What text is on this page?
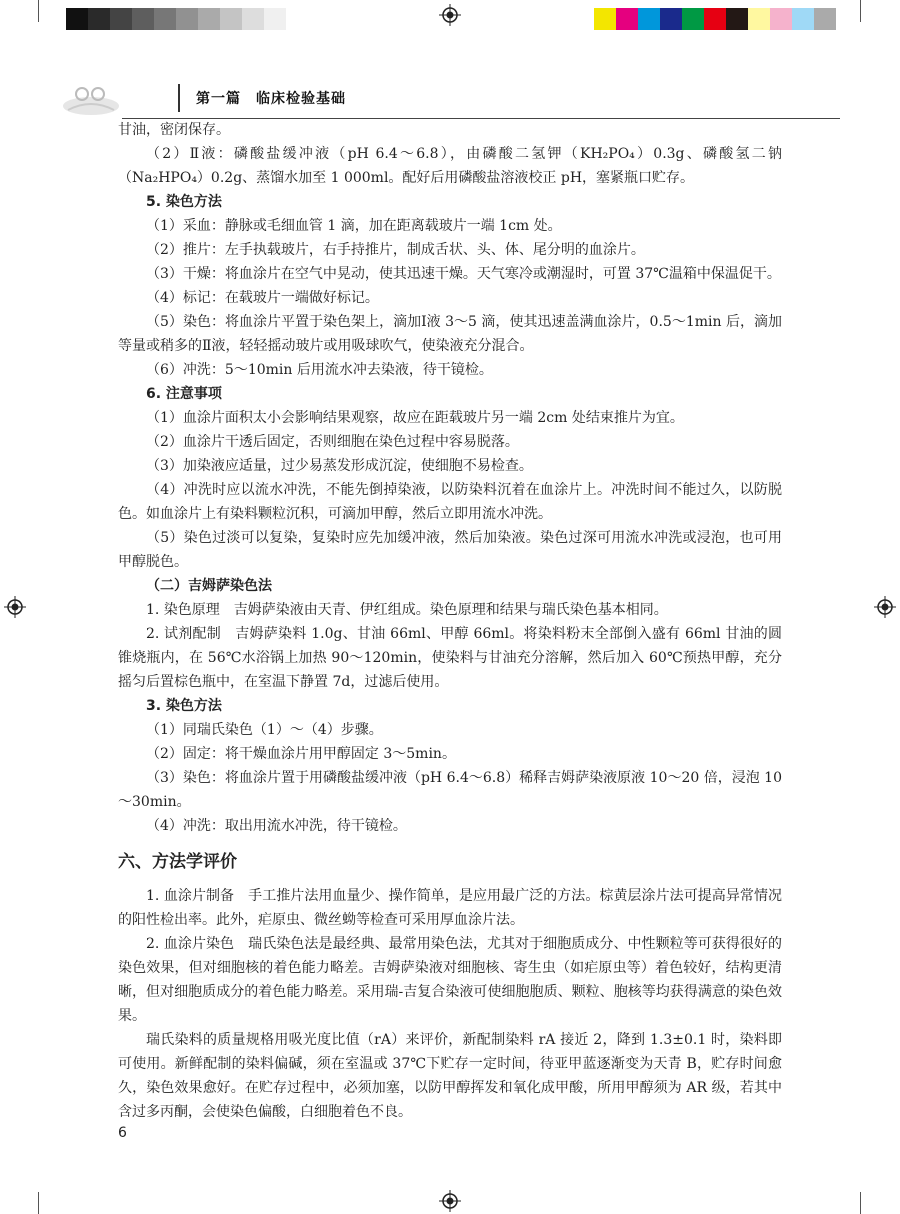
第一篇　临床检验基础

甘油，密闭保存。

（2）Ⅱ液：磷酸盐缓冲液（pH 6.4～6.8），由磷酸二氢钾（KH₂PO₄）0.3g、磷酸氢二钠（Na₂HPO₄）0.2g、蒸馏水加至 1 000ml。配好后用磷酸盐溶液校正 pH，塞紧瓶口贮存。

5. 染色方法

（1）采血：静脉或毛细血管 1 滴，加在距离载玻片一端 1cm 处。

（2）推片：左手执载玻片，右手持推片，制成舌状、头、体、尾分明的血涂片。

（3）干燥：将血涂片在空气中晃动，使其迅速干燥。天气寒冷或潮湿时，可置 37℃温箱中保温促干。

（4）标记：在载玻片一端做好标记。

（5）染色：将血涂片平置于染色架上，滴加Ⅰ液 3～5 滴，使其迅速盖满血涂片，0.5～1min 后，滴加等量或稍多的Ⅱ液，轻轻摇动玻片或用吸球吹气，使染液充分混合。

（6）冲洗：5～10min 后用流水冲去染液，待干镜检。

6. 注意事项

（1）血涂片面积太小会影响结果观察，故应在距载玻片另一端 2cm 处结束推片为宜。

（2）血涂片干透后固定，否则细胞在染色过程中容易脱落。

（3）加染液应适量，过少易蒸发形成沉淀，使细胞不易检查。

（4）冲洗时应以流水冲洗，不能先倒掉染液，以防染料沉着在血涂片上。冲洗时间不能过久，以防脱色。如血涂片上有染料颗粒沉积，可滴加甲醇，然后立即用流水冲洗。

（5）染色过淡可以复染，复染时应先加缓冲液，然后加染液。染色过深可用流水冲洗或浸泡，也可用甲醇脱色。

（二）吉姆萨染色法

1. 染色原理　吉姆萨染液由天青、伊红组成。染色原理和结果与瑞氏染色基本相同。

2. 试剂配制　吉姆萨染料 1.0g、甘油 66ml、甲醇 66ml。将染料粉末全部倒入盛有 66ml 甘油的圆锥烧瓶内，在 56℃水浴锅上加热 90～120min，使染料与甘油充分溶解，然后加入 60℃预热甲醇，充分摇匀后置棕色瓶中，在室温下静置 7d，过滤后使用。

3. 染色方法

（1）同瑞氏染色（1）～（4）步骤。

（2）固定：将干燥血涂片用甲醇固定 3～5min。

（3）染色：将血涂片置于用磷酸盐缓冲液（pH 6.4～6.8）稀释吉姆萨染液原液 10～20 倍，浸泡 10～30min。

（4）冲洗：取出用流水冲洗，待干镜检。

六、方法学评价

1. 血涂片制备　手工推片法用血量少、操作简单，是应用最广泛的方法。棕黄层涂片法可提高异常情况的阳性检出率。此外，疟原虫、微丝蚴等检查可采用厚血涂片法。

2. 血涂片染色　瑞氏染色法是最经典、最常用染色法，尤其对于细胞质成分、中性颗粒等可获得很好的染色效果，但对细胞核的着色能力略差。吉姆萨染液对细胞核、寄生虫（如疟原虫等）着色较好，结构更清晰，但对细胞质成分的着色能力略差。采用瑞-吉复合染液可使细胞胞质、颗粒、胞核等均获得满意的染色效果。

瑞氏染料的质量规格用吸光度比值（rA）来评价，新配制染料 rA 接近 2，降到 1.3±0.1 时，染料即可使用。新鲜配制的染料偏碱，须在室温或 37℃下贮存一定时间，待亚甲蓝逐渐变为天青 B，贮存时间愈久，染色效果愈好。在贮存过程中，必须加塞，以防甲醇挥发和氧化成甲酸，所用甲醇须为 AR 级，若其中含过多丙酮，会使染色偏酸，白细胞着色不良。

6
